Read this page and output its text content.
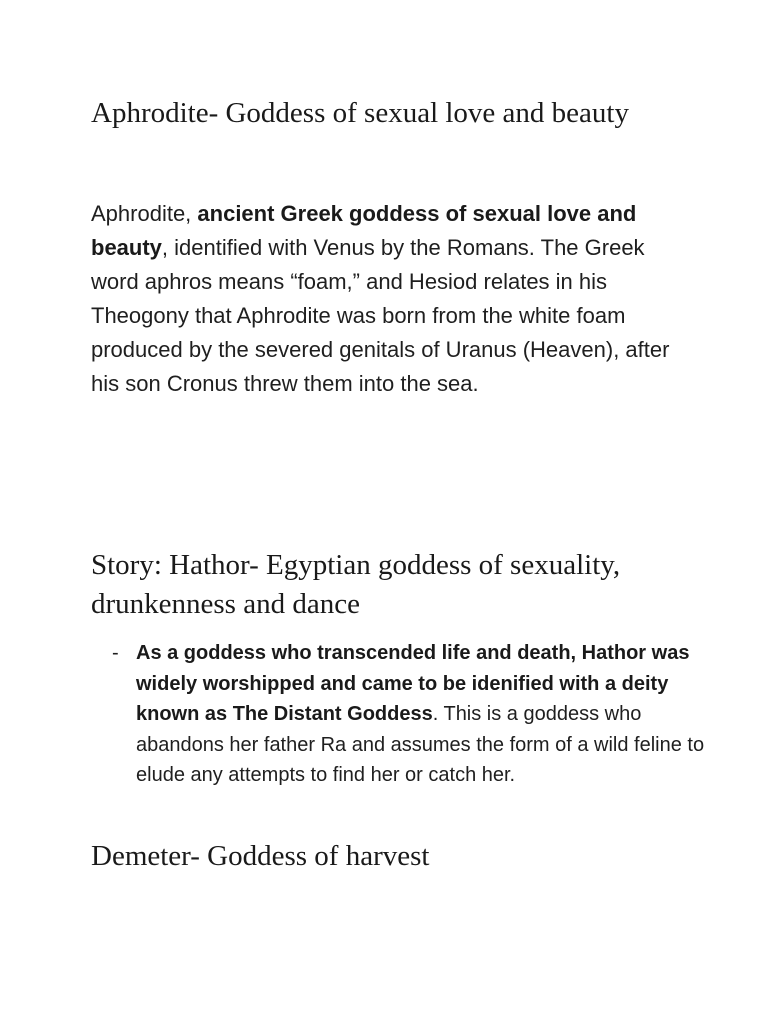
Aphrodite- Goddess of sexual love and beauty

Aphrodite, ancient Greek goddess of sexual love and beauty, identified with Venus by the Romans. The Greek word aphros means “foam,” and Hesiod relates in his Theogony that Aphrodite was born from the white foam produced by the severed genitals of Uranus (Heaven), after his son Cronus threw them into the sea.

Story: Hathor- Egyptian goddess of sexuality,
drunkenness and dance
- As a goddess who transcended life and death, Hathor was widely worshipped and came to be idenified with a deity known as The Distant Goddess. This is a goddess who abandons her father Ra and assumes the form of a wild feline to elude any attempts to find her or catch her.
Demeter- Goddess of harvest
